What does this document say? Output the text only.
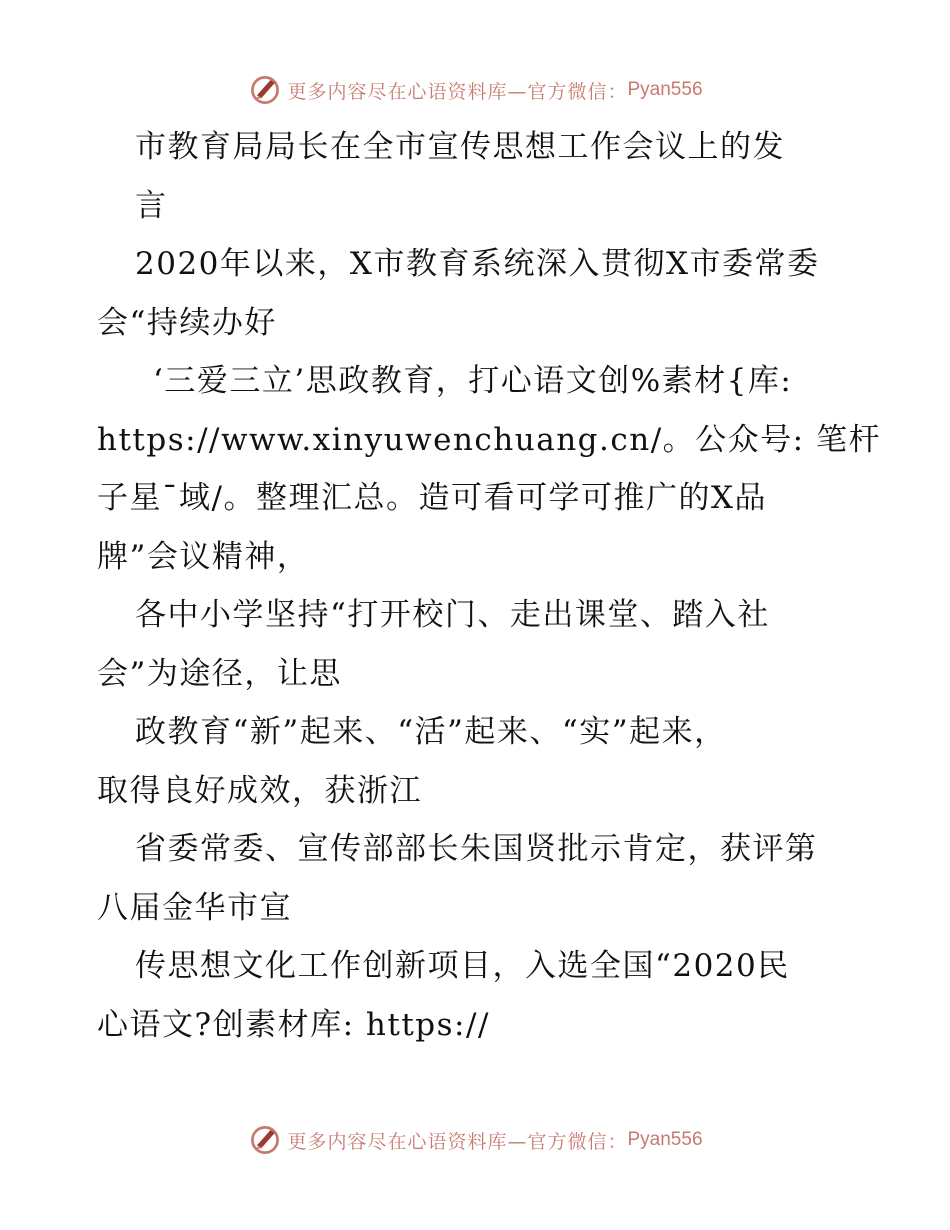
更多内容尽在心语资料库—官方微信： Pyan556
市教育局局长在全市宣传思想工作会议上的发
言
2020年以来，X市教育系统深入贯彻X市委常委
会“持续办好
‘三爱三立’思政教育，打心语文创%素材{库:
https://www.xinyuwenchuang.cn/。公众号: 笔杆
子星¯域/。整理汇总。造可看可学可推广的X品
牌”会议精神，
各中小学坚持“打开校门、走出课堂、踏入社
会”为途径，让思
政教育“新”起来、“活”起来、“实”起来，
取得良好成效，获浙江
省委常委、宣传部部长朱国贤批示肯定，获评第
八届金华市宣
传思想文化工作创新项目，入选全国“2020民
心语文?创素材库: https://
更多内容尽在心语资料库—官方微信： Pyan556
